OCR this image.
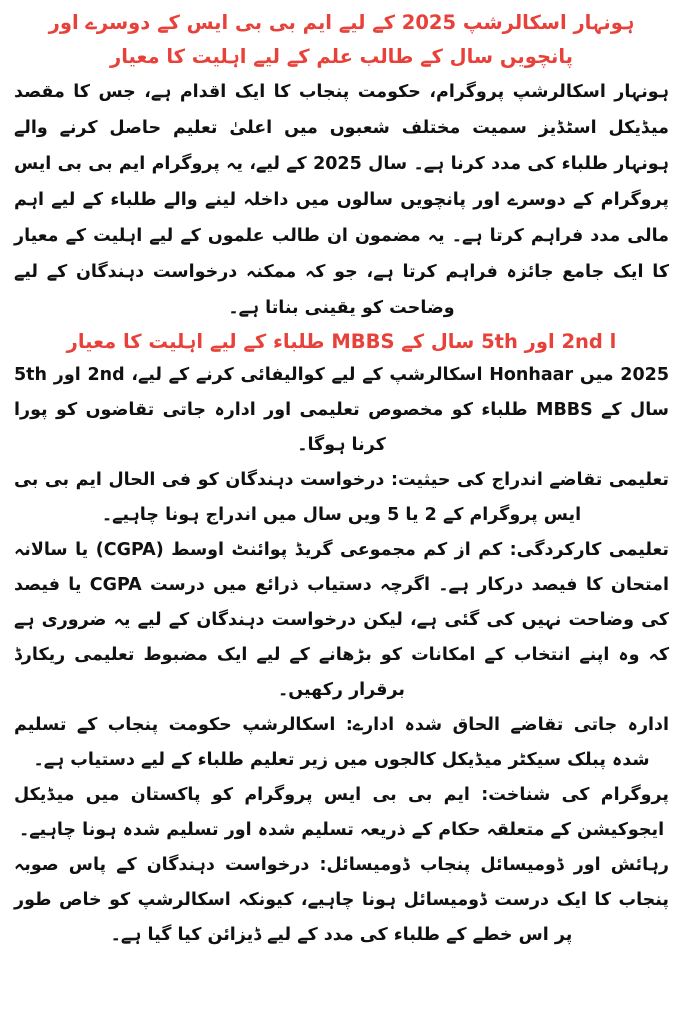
ہونہار اسکالرشپ 2025 کے لیے ایم بی بی ایس کے دوسرے اور پانچویں سال کے طالب علم کے لیے اہلیت کا معیار

ہونہار اسکالرشپ پروگرام، حکومت پنجاب کا ایک اقدام ہے، جس کا مقصد میڈیکل اسٹڈیز سمیت مختلف شعبوں میں اعلیٰ تعلیم حاصل کرنے والے ہونہار طلباء کی مدد کرنا ہے۔ سال 2025 کے لیے، یہ پروگرام ایم بی بی ایس پروگرام کے دوسرے اور پانچویں سالوں میں داخلہ لینے والے طلباء کے لیے اہم مالی مدد فراہم کرتا ہے۔ یہ مضمون ان طالب علموں کے لیے اہلیت کے معیار کا ایک جامع جائزہ فراہم کرتا ہے، جو کہ ممکنہ درخواست دہندگان کے لیے وضاحت کو یقینی بناتا ہے۔

ا 2nd اور 5th سال کے MBBS طلباء کے لیے اہلیت کا معیار

2025 میں Honhaar اسکالرشپ کے لیے کوالیفائی کرنے کے لیے، 2nd اور 5th سال کے MBBS طلباء کو مخصوص تعلیمی اور ادارہ جاتی تقاضوں کو پورا کرنا ہوگا۔

تعلیمی تقاضے اندراج کی حیثیت: درخواست دہندگان کو فی الحال ایم بی بی ایس پروگرام کے 2 یا 5 ویں سال میں اندراج ہونا چاہیے۔

تعلیمی کارکردگی: کم از کم مجموعی گریڈ پوائنٹ اوسط (CGPA) یا سالانہ امتحان کا فیصد درکار ہے۔ اگرچہ دستیاب ذرائع میں درست CGPA یا فیصد کی وضاحت نہیں کی گئی ہے، لیکن درخواست دہندگان کے لیے یہ ضروری ہے کہ وہ اپنے انتخاب کے امکانات کو بڑھانے کے لیے ایک مضبوط تعلیمی ریکارڈ برقرار رکھیں۔

ادارہ جاتی تقاضے الحاق شدہ ادارے: اسکالرشپ حکومت پنجاب کے تسلیم شدہ پبلک سیکٹر میڈیکل کالجوں میں زیر تعلیم طلباء کے لیے دستیاب ہے۔

پروگرام کی شناخت: ایم بی بی ایس پروگرام کو پاکستان میں میڈیکل ایجوکیشن کے متعلقہ حکام کے ذریعہ تسلیم شدہ اور تسلیم شدہ ہونا چاہیے۔

رہائش اور ڈومیسائل پنجاب ڈومیسائل: درخواست دہندگان کے پاس صوبہ پنجاب کا ایک درست ڈومیسائل ہونا چاہیے، کیونکہ اسکالرشپ کو خاص طور پر اس خطے کے طلباء کی مدد کے لیے ڈیزائن کیا گیا ہے۔
